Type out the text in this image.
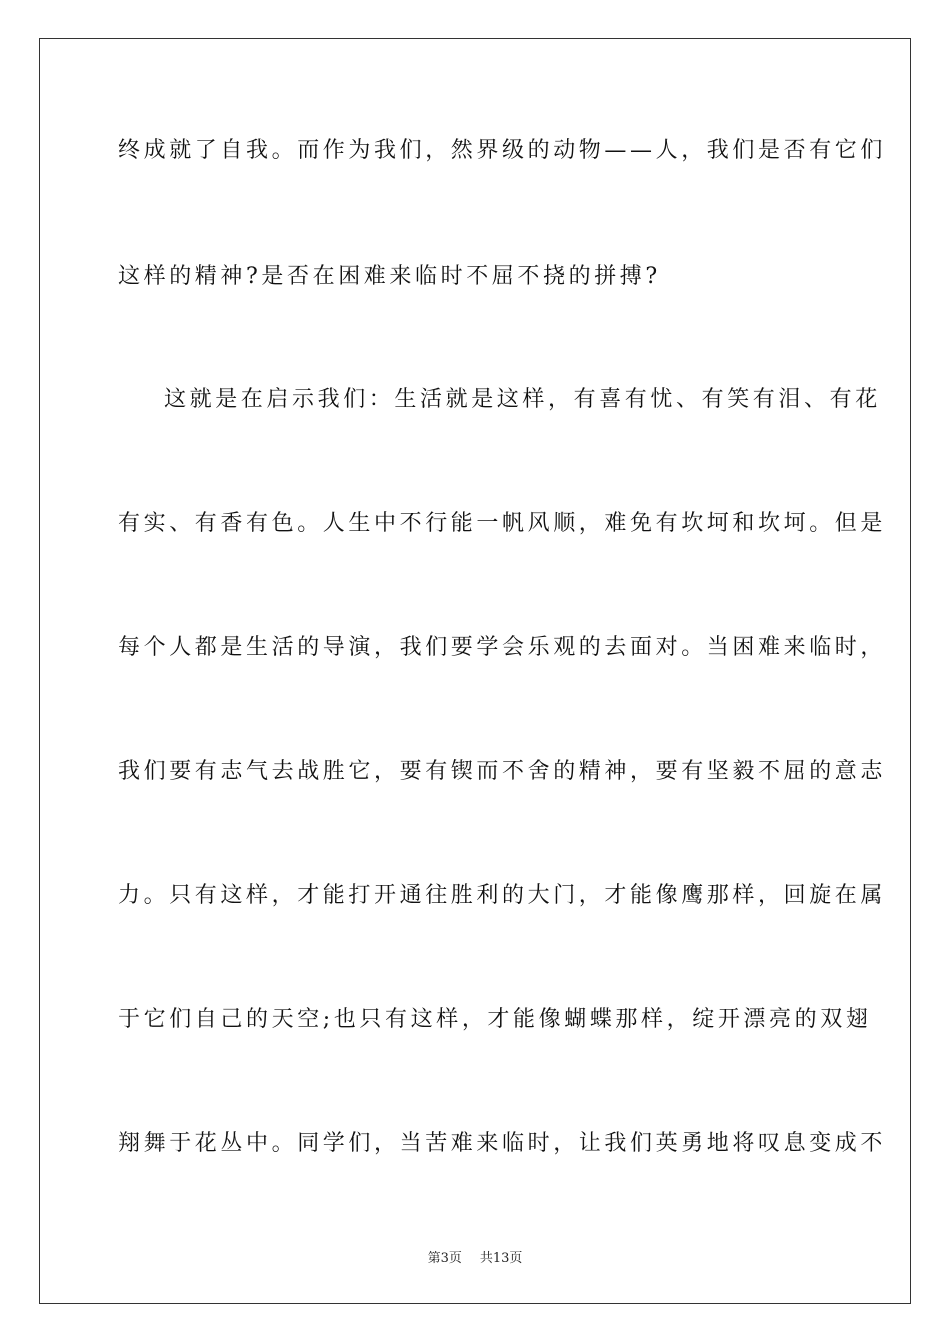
终成就了自我。而作为我们，然界级的动物——人，我们是否有它们
这样的精神?是否在困难来临时不屈不挠的拼搏?
这就是在启示我们：生活就是这样，有喜有忧、有笑有泪、有花
有实、有香有色。人生中不行能一帆风顺，难免有坎坷和坎坷。但是
每个人都是生活的导演，我们要学会乐观的去面对。当困难来临时，
我们要有志气去战胜它，要有锲而不舍的精神，要有坚毅不屈的意志
力。只有这样，才能打开通往胜利的大门，才能像鹰那样，回旋在属
于它们自己的天空;也只有这样，才能像蝴蝶那样，绽开漂亮的双翅
翔舞于花丛中。同学们，当苦难来临时，让我们英勇地将叹息变成不
第3页 共13页
